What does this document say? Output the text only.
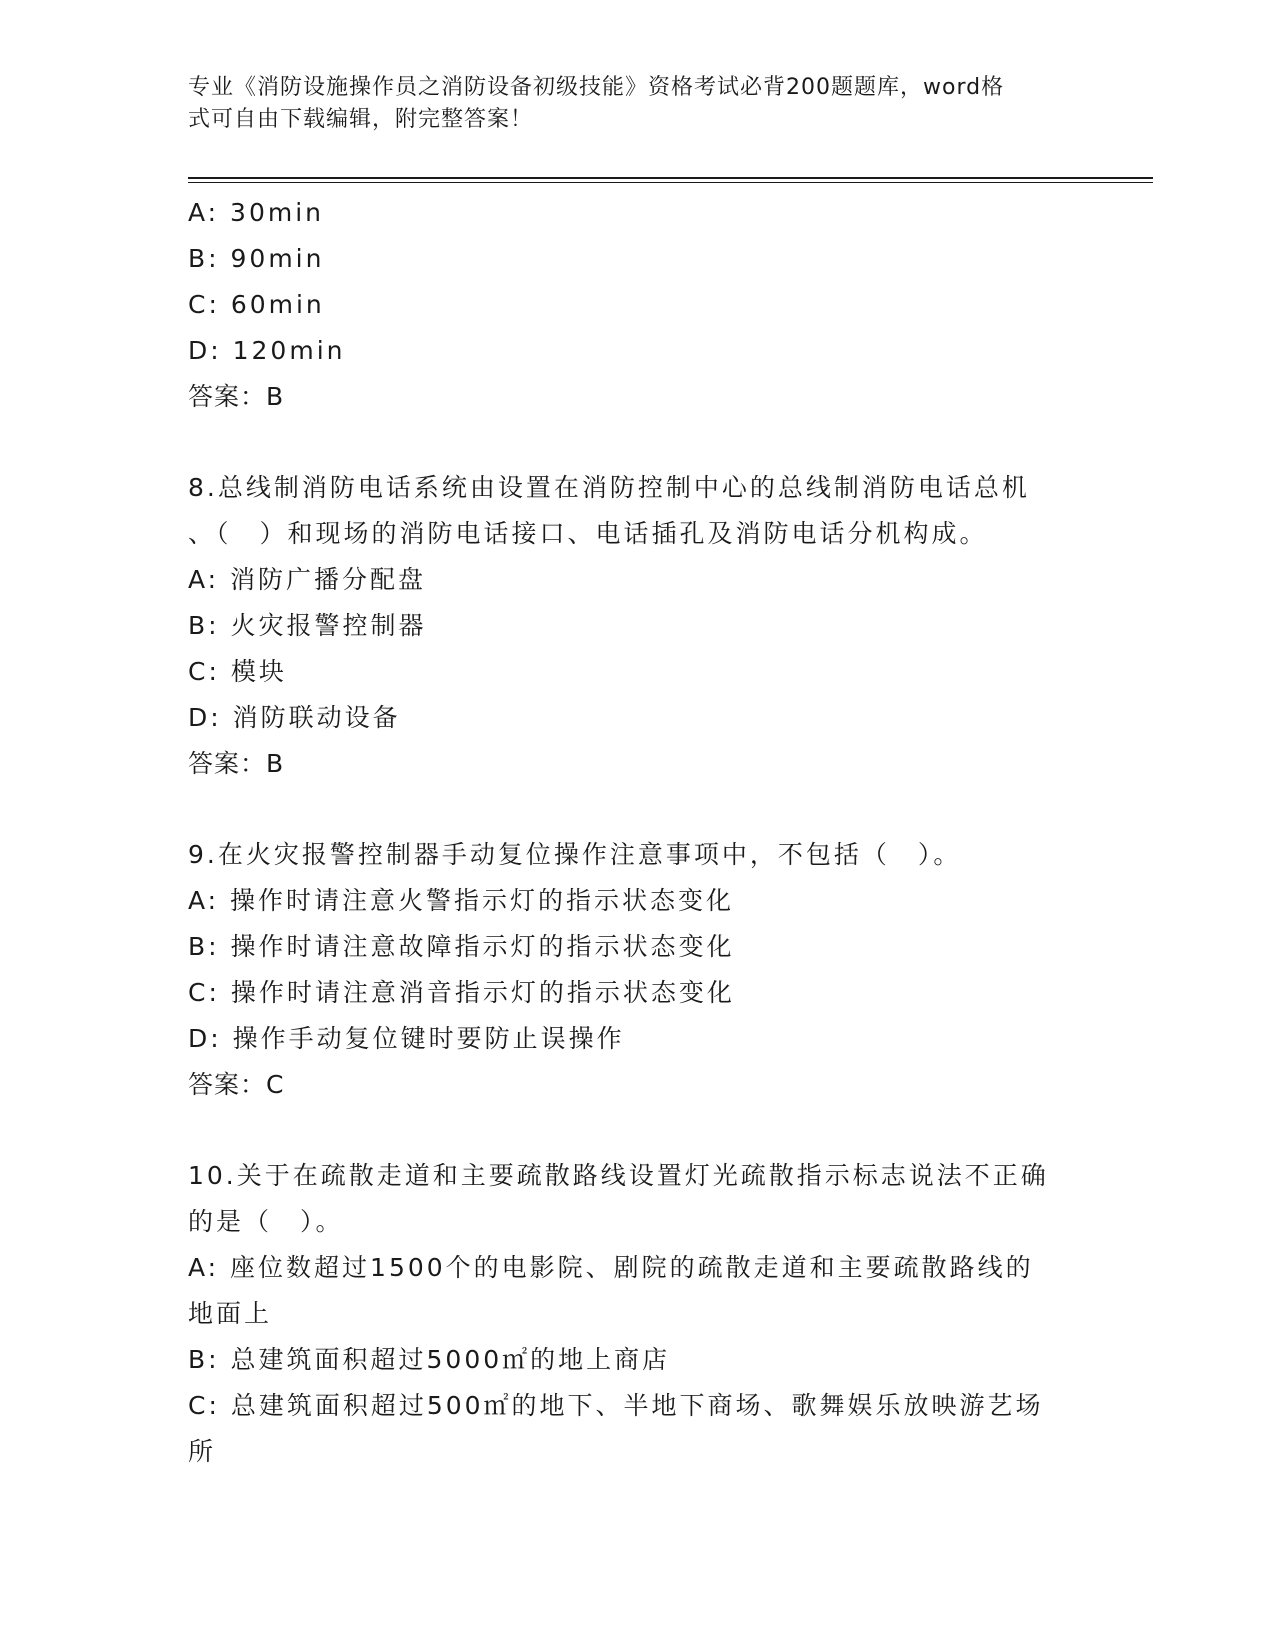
专业《消防设施操作员之消防设备初级技能》资格考试必背200题题库，word格
式可自由下载编辑，附完整答案！
A: 30min
B: 90min
C: 60min
D: 120min
答案：B
8.总线制消防电话系统由设置在消防控制中心的总线制消防电话总机
、（　）和现场的消防电话接口、电话插孔及消防电话分机构成。
A: 消防广播分配盘
B: 火灾报警控制器
C: 模块
D: 消防联动设备
答案：B
9.在火灾报警控制器手动复位操作注意事项中，不包括（　）。
A: 操作时请注意火警指示灯的指示状态变化
B: 操作时请注意故障指示灯的指示状态变化
C: 操作时请注意消音指示灯的指示状态变化
D: 操作手动复位键时要防止误操作
答案：C
10.关于在疏散走道和主要疏散路线设置灯光疏散指示标志说法不正确
的是（　）。
A: 座位数超过1500个的电影院、剧院的疏散走道和主要疏散路线的
地面上
B: 总建筑面积超过5000㎡的地上商店
C: 总建筑面积超过500㎡的地下、半地下商场、歌舞娱乐放映游艺场
所
